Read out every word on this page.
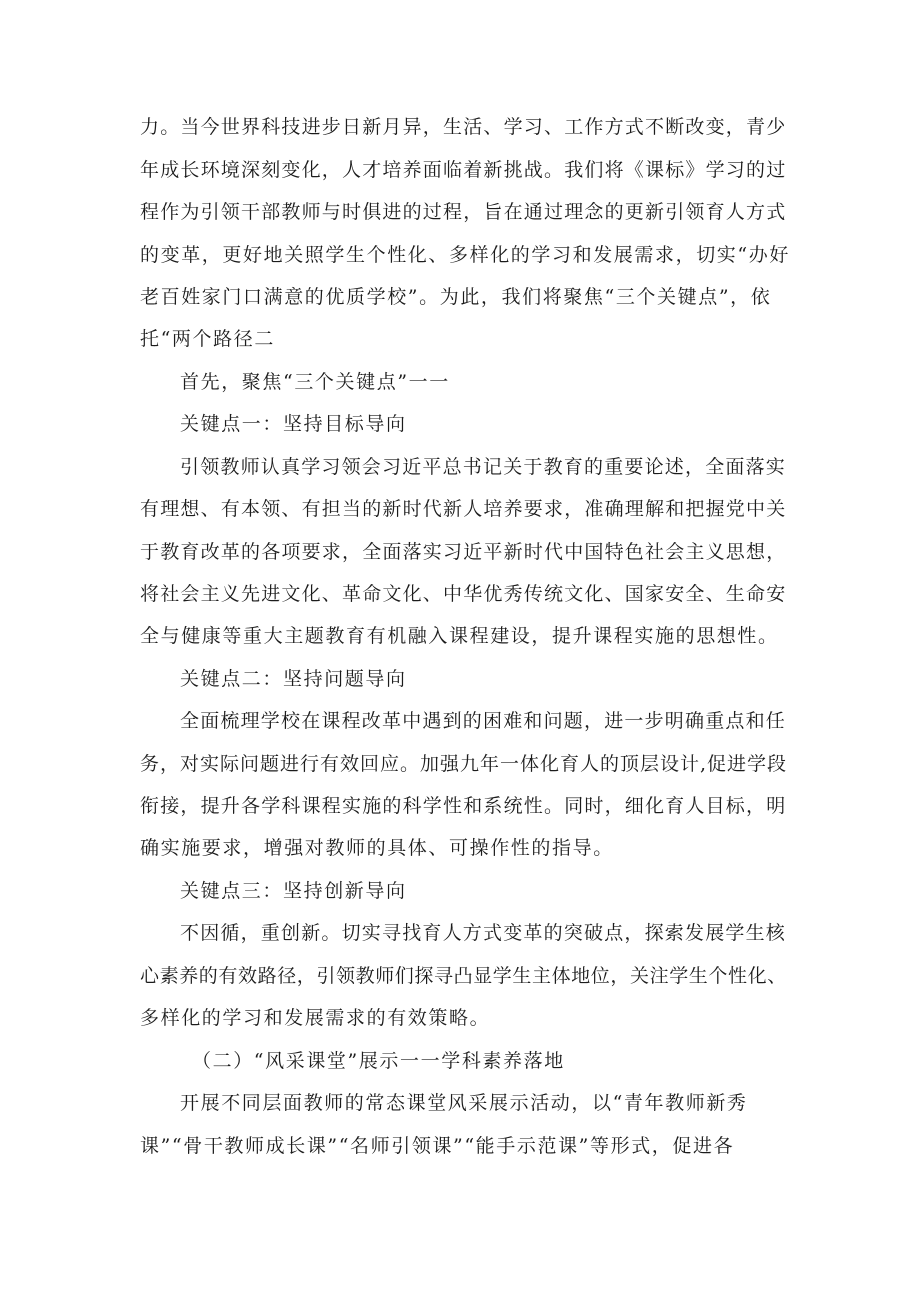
力。当今世界科技进步日新月异，生活、学习、工作方式不断改变，青少
年成长环境深刻变化，人才培养面临着新挑战。我们将《课标》学习的过
程作为引领干部教师与时俱进的过程，旨在通过理念的更新引领育人方式
的变革，更好地关照学生个性化、多样化的学习和发展需求，切实“办好
老百姓家门口满意的优质学校”。为此，我们将聚焦“三个关键点”，依
托“两个路径二
首先，聚焦“三个关键点”一一
关键点一：坚持目标导向
引领教师认真学习领会习近平总书记关于教育的重要论述，全面落实
有理想、有本领、有担当的新时代新人培养要求，准确理解和把握党中关
于教育改革的各项要求，全面落实习近平新时代中国特色社会主义思想，
将社会主义先进文化、革命文化、中华优秀传统文化、国家安全、生命安
全与健康等重大主题教育有机融入课程建设，提升课程实施的思想性。
关键点二：坚持问题导向
全面梳理学校在课程改革中遇到的困难和问题，进一步明确重点和任
务，对实际问题进行有效回应。加强九年一体化育人的顶层设计,促进学段
衔接，提升各学科课程实施的科学性和系统性。同时，细化育人目标，明
确实施要求，增强对教师的具体、可操作性的指导。
关键点三：坚持创新导向
不因循，重创新。切实寻找育人方式变革的突破点，探索发展学生核
心素养的有效路径，引领教师们探寻凸显学生主体地位，关注学生个性化、
多样化的学习和发展需求的有效策略。
（二）“风采课堂”展示一一学科素养落地
开展不同层面教师的常态课堂风采展示活动，以“青年教师新秀
课”“骨干教师成长课”“名师引领课”“能手示范课”等形式，促进各
